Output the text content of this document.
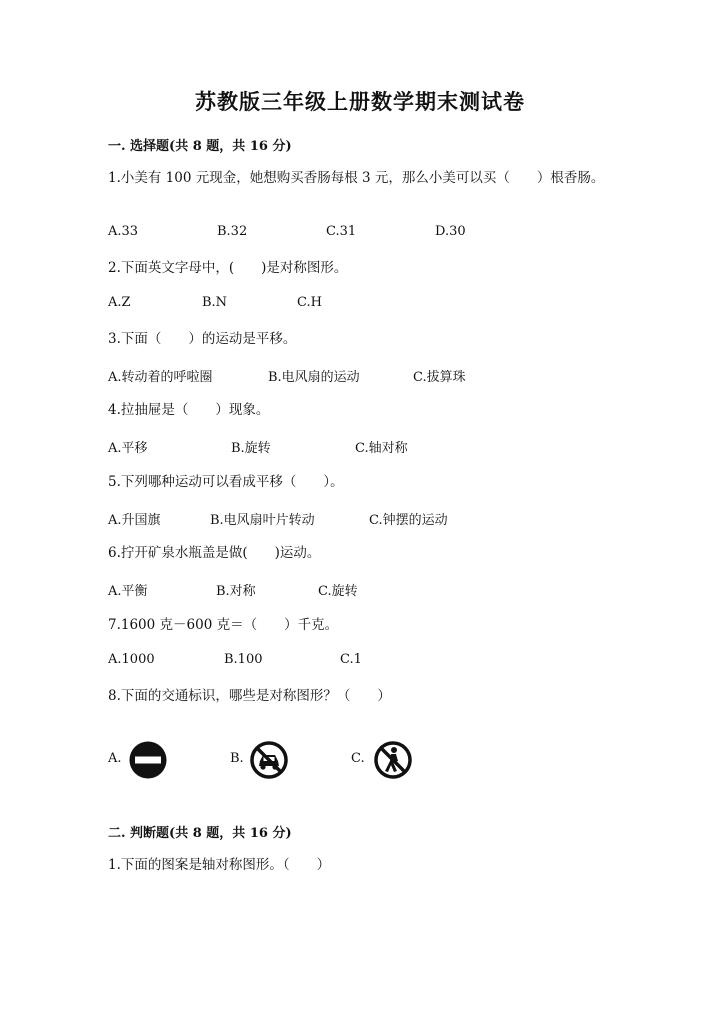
苏教版三年级上册数学期末测试卷
一. 选择题(共 8 题，共 16 分)
1.小美有 100 元现金，她想购买香肠每根 3 元，那么小美可以买（　　）根香肠。
A.33	B.32	C.31	D.30
2.下面英文字母中，(　　)是对称图形。
A.Z	B.N	C.H
3.下面（　　）的运动是平移。
A.转动着的呼啦圈	B.电风扇的运动	C.拔算珠
4.拉抽屉是（　　）现象。
A.平移	B.旋转	C.轴对称
5.下列哪种运动可以看成平移（　　）。
A.升国旗	B.电风扇叶片转动	C.钟摆的运动
6.拧开矿泉水瓶盖是做(　　)运动。
A.平衡	B.对称	C.旋转
7.1600 克－600 克＝（　　）千克。
A.1000	B.100	C.1
8.下面的交通标识，哪些是对称图形？（　　）
A.	B.	C.
二. 判断题(共 8 题，共 16 分)
1.下面的图案是轴对称图形。（　　）
